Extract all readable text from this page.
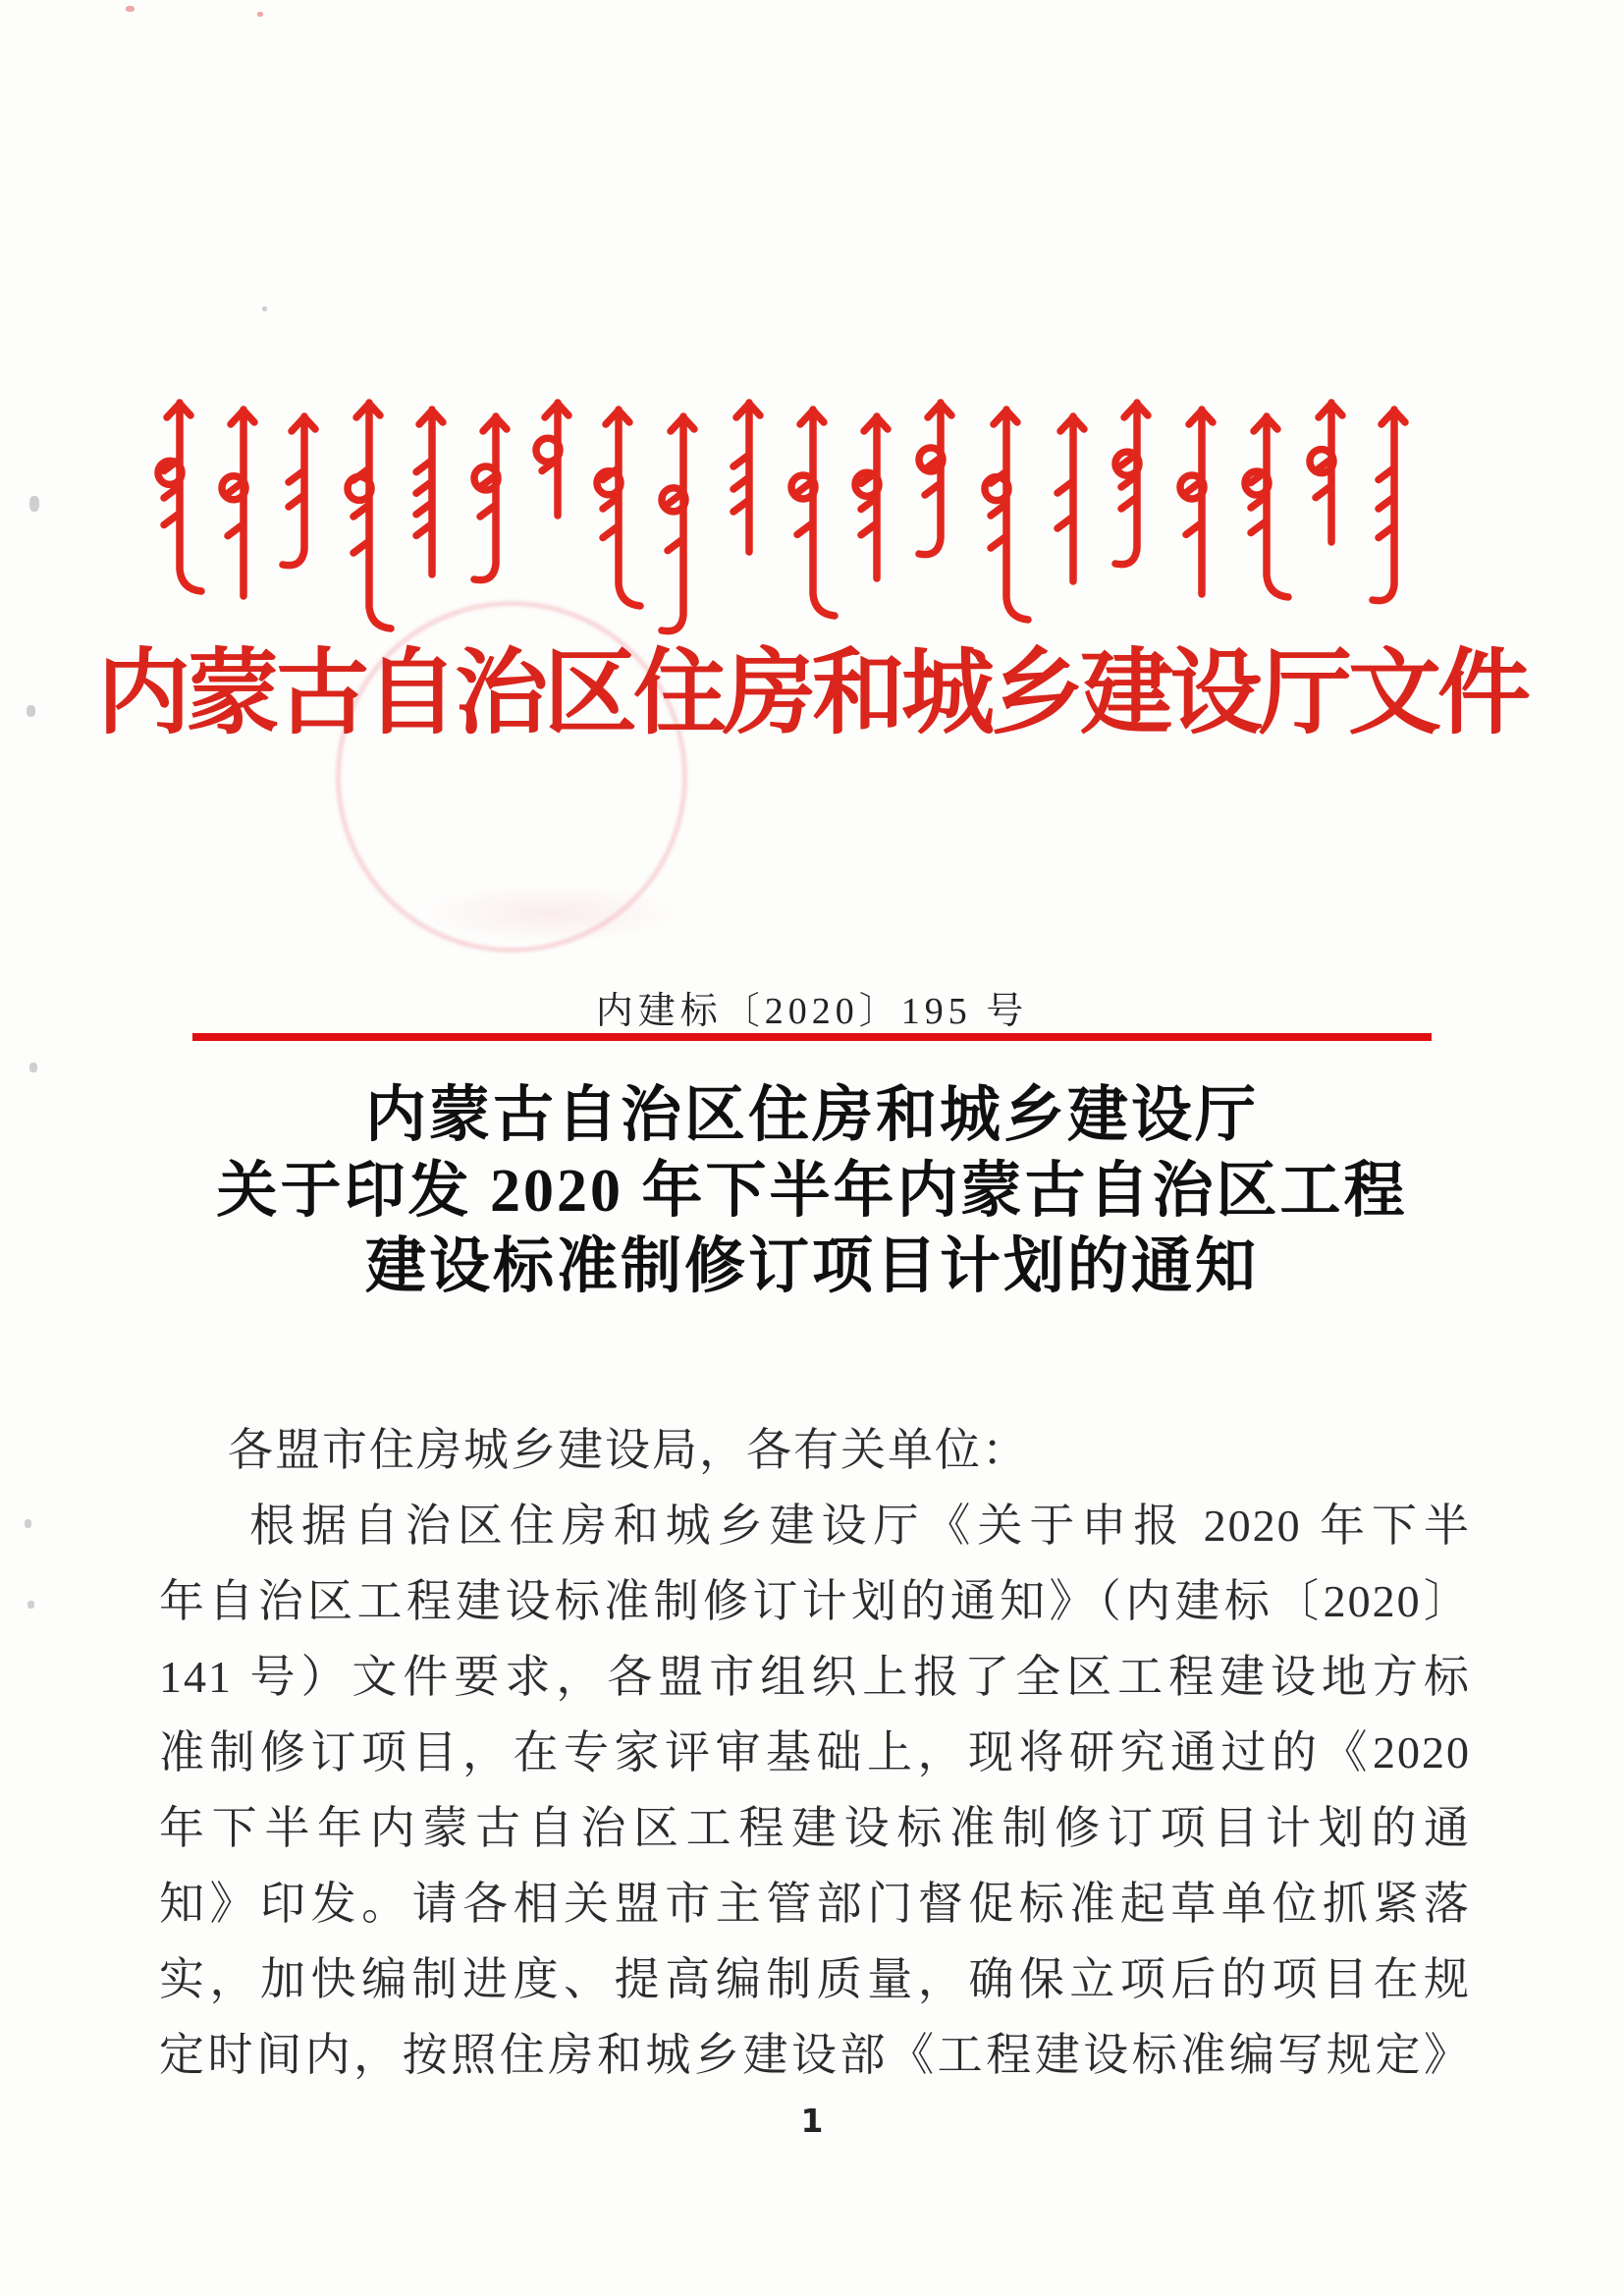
内蒙古自治区住房和城乡建设厅文件
内建标〔2020〕195 号
内蒙古自治区住房和城乡建设厅
关于印发 2020 年下半年内蒙古自治区工程
建设标准制修订项目计划的通知
各盟市住房城乡建设局，各有关单位：
根据自治区住房和城乡建设厅《关于申报 2020 年下半
年自治区工程建设标准制修订计划的通知》（内建标〔2020〕
141 号）文件要求，各盟市组织上报了全区工程建设地方标
准制修订项目，在专家评审基础上，现将研究通过的《2020
年下半年内蒙古自治区工程建设标准制修订项目计划的通
知》印发。请各相关盟市主管部门督促标准起草单位抓紧落
实，加快编制进度、提高编制质量，确保立项后的项目在规
定时间内，按照住房和城乡建设部《工程建设标准编写规定》
1
